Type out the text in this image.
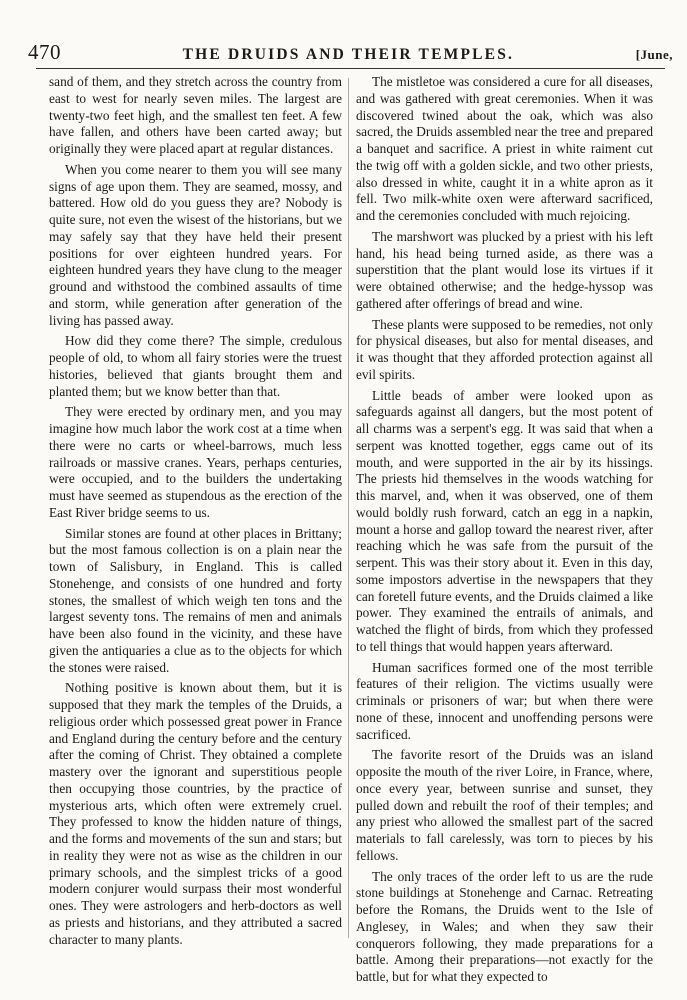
470	THE DRUIDS AND THEIR TEMPLES.	[June,

sand of them, and they stretch across the country from east to west for nearly seven miles. The largest are twenty-two feet high, and the smallest ten feet. A few have fallen, and others have been carted away; but originally they were placed apart at regular distances.

When you come nearer to them you will see many signs of age upon them. They are seamed, mossy, and battered. How old do you guess they are? Nobody is quite sure, not even the wisest of the historians, but we may safely say that they have held their present positions for over eighteen hundred years. For eighteen hundred years they have clung to the meager ground and withstood the combined assaults of time and storm, while generation after generation of the living has passed away.

How did they come there? The simple, credulous people of old, to whom all fairy stories were the truest histories, believed that giants brought them and planted them; but we know better than that.

They were erected by ordinary men, and you may imagine how much labor the work cost at a time when there were no carts or wheel-barrows, much less railroads or massive cranes. Years, perhaps centuries, were occupied, and to the builders the undertaking must have seemed as stupendous as the erection of the East River bridge seems to us.

Similar stones are found at other places in Brittany; but the most famous collection is on a plain near the town of Salisbury, in England. This is called Stonehenge, and consists of one hundred and forty stones, the smallest of which weigh ten tons and the largest seventy tons. The remains of men and animals have been also found in the vicinity, and these have given the antiquaries a clue as to the objects for which the stones were raised.

Nothing positive is known about them, but it is supposed that they mark the temples of the Druids, a religious order which possessed great power in France and England during the century before and the century after the coming of Christ. They obtained a complete mastery over the ignorant and superstitious people then occupying those countries, by the practice of mysterious arts, which often were extremely cruel. They professed to know the hidden nature of things, and the forms and movements of the sun and stars; but in reality they were not as wise as the children in our primary schools, and the simplest tricks of a good modern conjurer would surpass their most wonderful ones. They were astrologers and herb-doctors as well as priests and historians, and they attributed a sacred character to many plants.

The mistletoe was considered a cure for all diseases, and was gathered with great ceremonies. When it was discovered twined about the oak, which was also sacred, the Druids assembled near the tree and prepared a banquet and sacrifice. A priest in white raiment cut the twig off with a golden sickle, and two other priests, also dressed in white, caught it in a white apron as it fell. Two milk-white oxen were afterward sacrificed, and the ceremonies concluded with much rejoicing.

The marshwort was plucked by a priest with his left hand, his head being turned aside, as there was a superstition that the plant would lose its virtues if it were obtained otherwise; and the hedge-hyssop was gathered after offerings of bread and wine.

These plants were supposed to be remedies, not only for physical diseases, but also for mental diseases, and it was thought that they afforded protection against all evil spirits.

Little beads of amber were looked upon as safeguards against all dangers, but the most potent of all charms was a serpent's egg. It was said that when a serpent was knotted together, eggs came out of its mouth, and were supported in the air by its hissings. The priests hid themselves in the woods watching for this marvel, and, when it was observed, one of them would boldly rush forward, catch an egg in a napkin, mount a horse and gallop toward the nearest river, after reaching which he was safe from the pursuit of the serpent. This was their story about it. Even in this day, some impostors advertise in the newspapers that they can foretell future events, and the Druids claimed a like power. They examined the entrails of animals, and watched the flight of birds, from which they professed to tell things that would happen years afterward.

Human sacrifices formed one of the most terrible features of their religion. The victims usually were criminals or prisoners of war; but when there were none of these, innocent and unoffending persons were sacrificed.

The favorite resort of the Druids was an island opposite the mouth of the river Loire, in France, where, once every year, between sunrise and sunset, they pulled down and rebuilt the roof of their temples; and any priest who allowed the smallest part of the sacred materials to fall carelessly, was torn to pieces by his fellows.

The only traces of the order left to us are the rude stone buildings at Stonehenge and Carnac. Retreating before the Romans, the Druids went to the Isle of Anglesey, in Wales; and when they saw their conquerors following, they made preparations for a battle. Among their preparations—not exactly for the battle, but for what they expected to
